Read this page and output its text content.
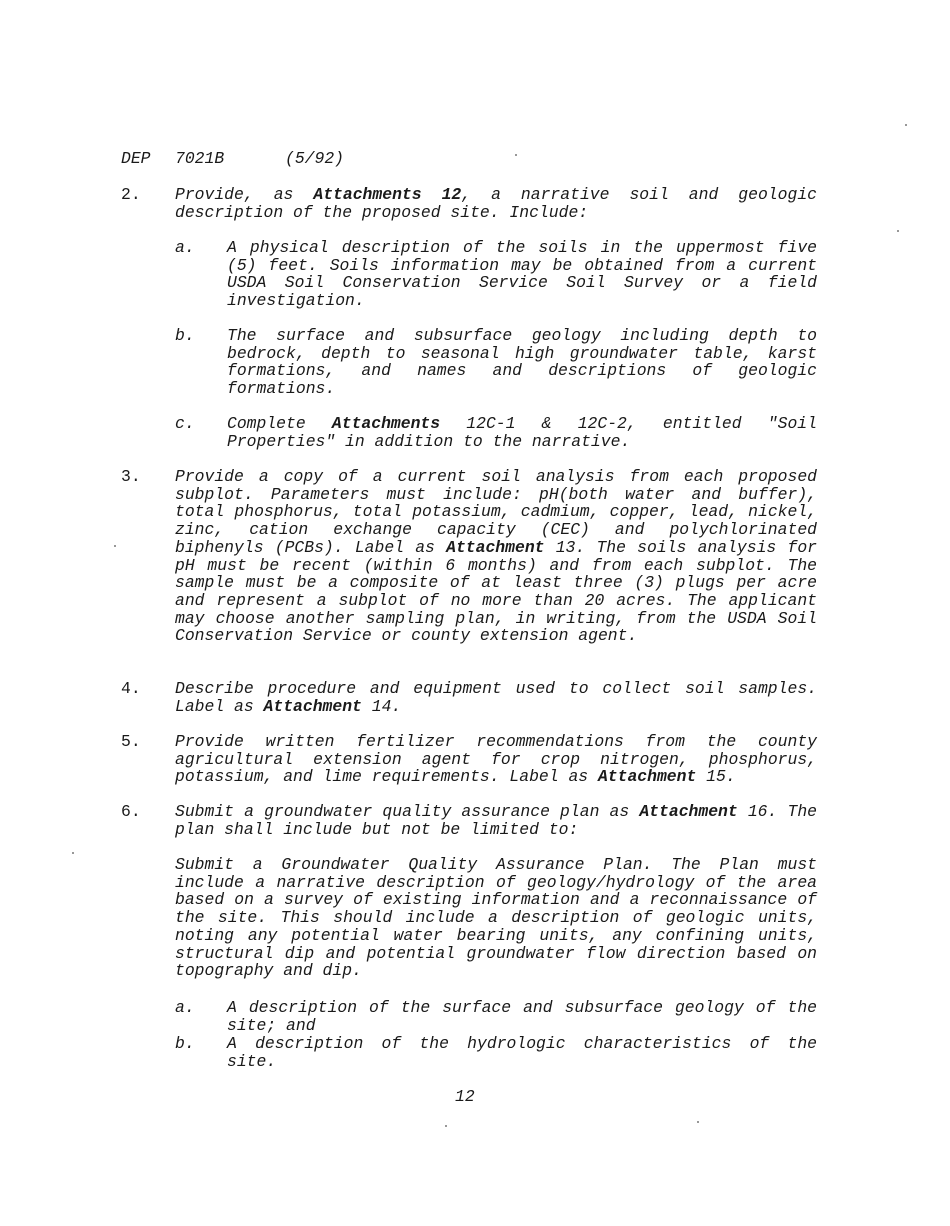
DEP 7021B	(5/92)
2.	Provide, as Attachments 12, a narrative soil and geologic description of the proposed site. Include:
a.	A physical description of the soils in the uppermost five (5) feet. Soils information may be obtained from a current USDA Soil Conservation Service Soil Survey or a field investigation.
b.	The surface and subsurface geology including depth to bedrock, depth to seasonal high groundwater table, karst formations, and names and descriptions of geologic formations.
c.	Complete Attachments 12C-1 & 12C-2, entitled "Soil Properties" in addition to the narrative.
3.	Provide a copy of a current soil analysis from each proposed subplot. Parameters must include: pH(both water and buffer), total phosphorus, total potassium, cadmium, copper, lead, nickel, zinc, cation exchange capacity (CEC) and polychlorinated biphenyls (PCBs). Label as Attachment 13. The soils analysis for pH must be recent (within 6 months) and from each subplot. The sample must be a composite of at least three (3) plugs per acre and represent a subplot of no more than 20 acres. The applicant may choose another sampling plan, in writing, from the USDA Soil Conservation Service or county extension agent.
4.	Describe procedure and equipment used to collect soil samples. Label as Attachment 14.
5.	Provide written fertilizer recommendations from the county agricultural extension agent for crop nitrogen, phosphorus, potassium, and lime requirements. Label as Attachment 15.
6.	Submit a groundwater quality assurance plan as Attachment 16. The plan shall include but not be limited to:
Submit a Groundwater Quality Assurance Plan. The Plan must include a narrative description of geology/hydrology of the area based on a survey of existing information and a reconnaissance of the site. This should include a description of geologic units, noting any potential water bearing units, any confining units, structural dip and potential groundwater flow direction based on topography and dip.
a.	A description of the surface and subsurface geology of the site; and
b.	A description of the hydrologic characteristics of the site.
12
